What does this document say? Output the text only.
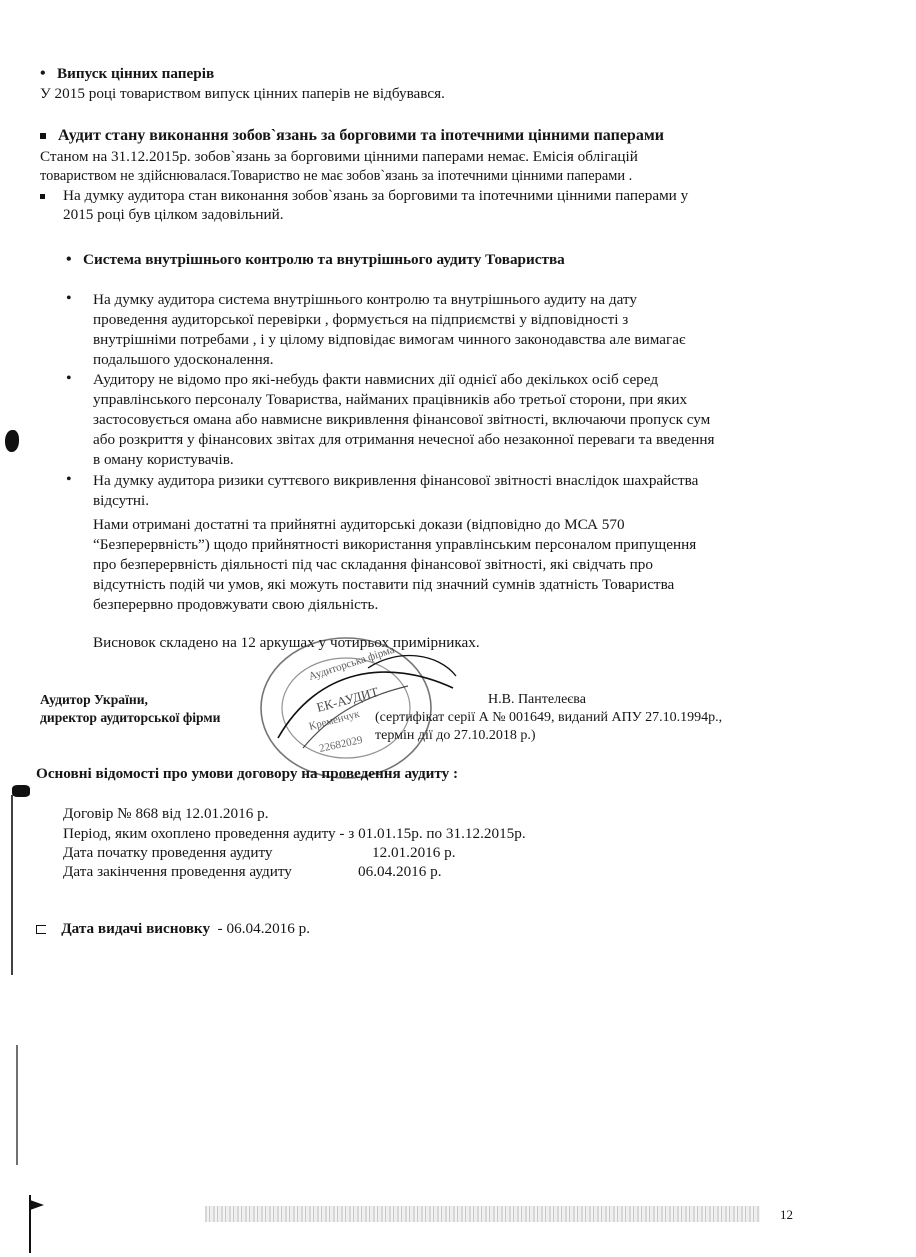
• Випуск цінних паперів
У 2015 році товариством випуск цінних паперів не відбувався.
Аудит стану виконання зобов`язань за борговими та іпотечними цінними паперами
Станом на 31.12.2015р. зобов`язань за борговими цінними паперами немає. Емісія облігацій
товариством не здійснювалася.Товариство не має зобов`язань за іпотечними цінними паперами .
На думку аудитора стан виконання зобов`язань за борговими та іпотечними цінними паперами у
2015 році був цілком задовільний.
• Система внутрішнього контролю та внутрішнього аудиту Товариства
• На думку аудитора система внутрішнього контролю та внутрішнього аудиту на дату
проведення аудиторської перевірки , формується на підприємстві у відповідності з
внутрішніми потребами , і у цілому відповідає вимогам чинного законодавства але вимагає
подальшого удосконалення.
• Аудитору не відомо про які-небудь факти навмисних дії однієї або декількох осіб серед
управлінського персоналу Товариства, найманих працівників або третьої сторони, при яких
застосовується омана або навмисне викривлення фінансової звітності, включаючи пропуск сум
або розкриття у фінансових звітах для отримання нечесної або незаконної переваги та введення
в оману користувачів.
• На думку аудитора ризики суттєвого викривлення фінансової звітності внаслідок шахрайства
відсутні.
Нами отримані достатні та прийнятні аудиторські докази (відповідно до МСА 570
“Безперервність”) щодо прийнятності використання управлінським персоналом припущення
про безперервність діяльності під час складання фінансової звітності, які свідчать про
відсутність подій чи умов, які можуть поставити під значний сумнів здатність Товариства
безперервно продовжувати свою діяльність.
Висновок складено на 12 аркушах у чотирьох примірниках.
Аудитор України,
директор аудиторської фірми
Н.В. Пантелеєва
(сертифікат серії А № 001649, виданий АПУ 27.10.1994р.,
термін дії до 27.10.2018 р.)
Аудиторська фірма
ЕК-АУДИТ
Кременчук
22682029
Основні відомості про умови договору на проведення аудиту :
Договір № 868 від 12.01.2016 р.
Період, яким охоплено проведення аудиту - з 01.01.15р. по 31.12.2015р.
Дата початку проведення аудиту	12.01.2016 р.
Дата закінчення проведення аудиту	06.04.2016 р.
Дата видачі висновку - 06.04.2016 р.
12
